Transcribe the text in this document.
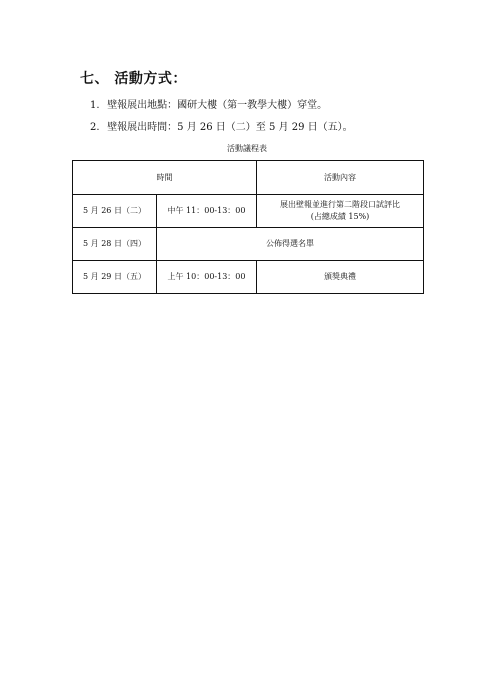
七、 活動方式：
1. 壁報展出地點：國研大樓（第一教學大樓）穿堂。
2. 壁報展出時間：5 月 26 日（二）至 5 月 29 日（五）。
活動議程表
時間		活動內容
5 月 26 日（二）	中午 11：00-13：00	展出壁報並進行第二階段口試評比
(占總成績 15%)

5 月 28 日（四）	公佈得選名單	
5 月 29 日（五）	上午 10：00-13：00	頒獎典禮
